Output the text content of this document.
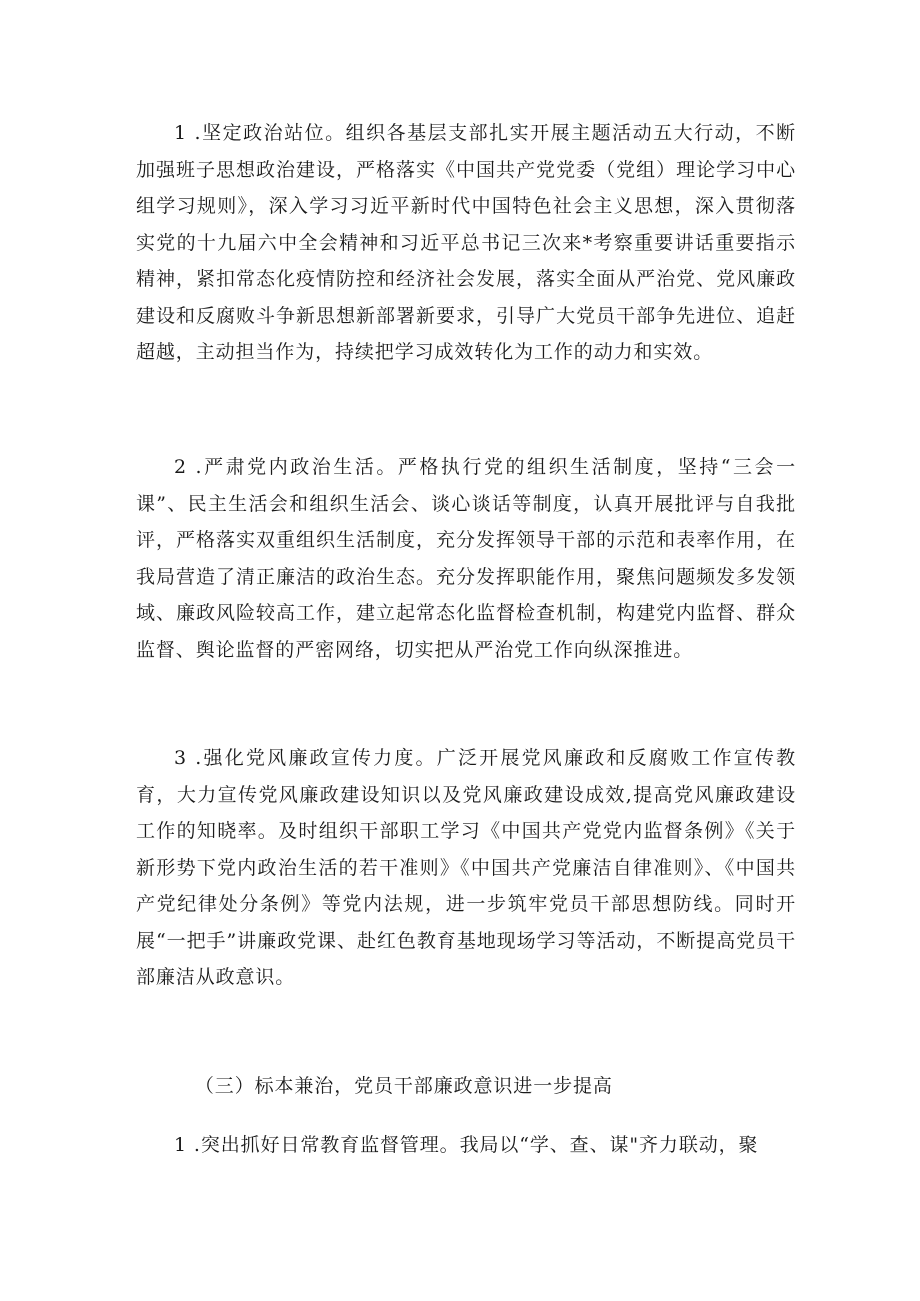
1 .坚定政治站位。组织各基层支部扎实开展主题活动五大行动，不断加强班子思想政治建设，严格落实《中国共产党党委（党组）理论学习中心组学习规则》，深入学习习近平新时代中国特色社会主义思想，深入贯彻落实党的十九届六中全会精神和习近平总书记三次来*考察重要讲话重要指示精神，紧扣常态化疫情防控和经济社会发展，落实全面从严治党、党风廉政建设和反腐败斗争新思想新部署新要求，引导广大党员干部争先进位、追赶超越，主动担当作为，持续把学习成效转化为工作的动力和实效。

2 .严肃党内政治生活。严格执行党的组织生活制度，坚持“三会一课”、民主生活会和组织生活会、谈心谈话等制度，认真开展批评与自我批评，严格落实双重组织生活制度，充分发挥领导干部的示范和表率作用，在我局营造了清正廉洁的政治生态。充分发挥职能作用，聚焦问题频发多发领域、廉政风险较高工作，建立起常态化监督检查机制，构建党内监督、群众监督、舆论监督的严密网络，切实把从严治党工作向纵深推进。

3 .强化党风廉政宣传力度。广泛开展党风廉政和反腐败工作宣传教育，大力宣传党风廉政建设知识以及党风廉政建设成效,提高党风廉政建设工作的知晓率。及时组织干部职工学习《中国共产党党内监督条例》《关于新形势下党内政治生活的若干准则》《中国共产党廉洁自律准则》、《中国共产党纪律处分条例》等党内法规，进一步筑牢党员干部思想防线。同时开展“一把手”讲廉政党课、赴红色教育基地现场学习等活动，不断提高党员干部廉洁从政意识。

（三）标本兼治，党员干部廉政意识进一步提高

1 .突出抓好日常教育监督管理。我局以“学、查、谋"齐力联动，聚
